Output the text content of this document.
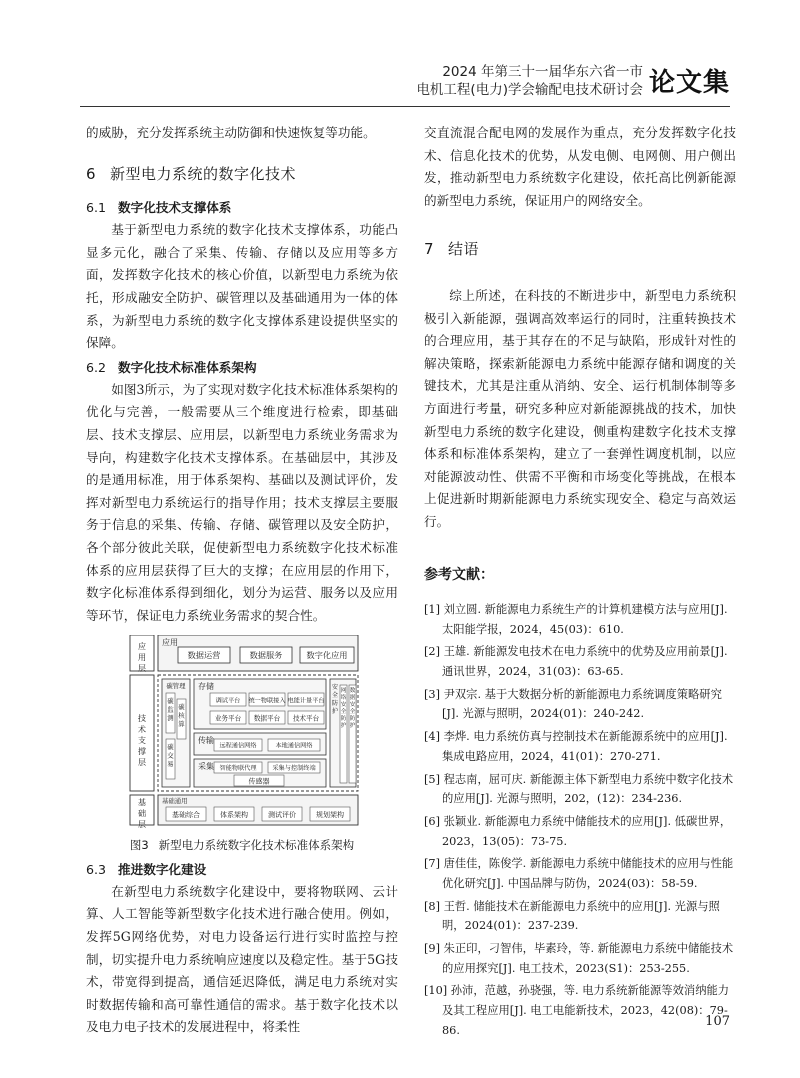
2024 年第三十一届华东六省一市
电机工程(电力)学会输配电技术研讨会 论文集

的威胁，充分发挥系统主动防御和快速恢复等功能。

6 新型电力系统的数字化技术
6.1 数字化技术支撑体系

基于新型电力系统的数字化技术支撑体系，功能凸显多元化，融合了采集、传输、存储以及应用等多方面，发挥数字化技术的核心价值，以新型电力系统为依托，形成融安全防护、碳管理以及基础通用为一体的体系，为新型电力系统的数字化支撑体系建设提供坚实的保障。

6.2 数字化技术标准体系架构

如图3所示，为了实现对数字化技术标准体系架构的优化与完善，一般需要从三个维度进行检索，即基础层、技术支撑层、应用层，以新型电力系统业务需求为导向，构建数字化技术支撑体系。在基础层中，其涉及的是通用标准，用于体系架构、基础以及测试评价，发挥对新型电力系统运行的指导作用；技术支撑层主要服务于信息的采集、传输、存储、碳管理以及安全防护，各个部分彼此关联，促使新型电力系统数字化技术标准体系的应用层获得了巨大的支撑；在应用层的作用下，数字化标准体系得到细化，划分为运营、服务以及应用等环节，保证电力系统业务需求的契合性。

应用层
技术支撑层
基础层
应用
数据运营	数据服务	数字化应用
碳管理
碳监测
碳核算
碳交易
存储
调试平台 统一物联接入 电能计量平台
业务平台 数据平台 技术平台
传输
远程通信网络	本地通信网络
采集 智能物联代理	采集与控制终端
传感器
安全防护
网络安全防护
数据安全防护
基础通用
基础综合	体系架构	测试评价	规划架构
图3 新型电力系统数字化技术标准体系架构
6.3 推进数字化建设

在新型电力系统数字化建设中，要将物联网、云计算、人工智能等新型数字化技术进行融合使用。例如，发挥5G网络优势，对电力设备运行进行实时监控与控制，切实提升电力系统响应速度以及稳定性。基于5G技术，带宽得到提高，通信延迟降低，满足电力系统对实时数据传输和高可靠性通信的需求。基于数字化技术以及电力电子技术的发展进程中，将柔性

交直流混合配电网的发展作为重点，充分发挥数字化技术、信息化技术的优势，从发电侧、电网侧、用户侧出发，推动新型电力系统数字化建设，依托高比例新能源的新型电力系统，保证用户的网络安全。

7 结语

综上所述，在科技的不断进步中，新型电力系统积极引入新能源，强调高效率运行的同时，注重转换技术的合理应用，基于其存在的不足与缺陷，形成针对性的解决策略，探索新能源电力系统中能源存储和调度的关键技术，尤其是注重从消纳、安全、运行机制体制等多方面进行考量，研究多种应对新能源挑战的技术，加快新型电力系统的数字化建设，侧重构建数字化技术支撑体系和标准体系架构，建立了一套弹性调度机制，以应对能源波动性、供需不平衡和市场变化等挑战，在根本上促进新时期新能源电力系统实现安全、稳定与高效运行。

参考文献：
[1] 刘立圆. 新能源电力系统生产的计算机建模方法与应用[J]. 太阳能学报，2024，45(03)：610.
[2] 王雄. 新能源发电技术在电力系统中的优势及应用前景[J]. 通讯世界，2024，31(03)：63-65.
[3] 尹双宗. 基于大数据分析的新能源电力系统调度策略研究[J]. 光源与照明，2024(01)：240-242.
[4] 李烨. 电力系统仿真与控制技术在新能源系统中的应用[J]. 集成电路应用，2024，41(01)：270-271.
[5] 程志南，屈可庆. 新能源主体下新型电力系统中数字化技术的应用[J]. 光源与照明，202，(12)：234-236.
[6] 张颖业. 新能源电力系统中储能技术的应用[J]. 低碳世界，2023，13(05)：73-75.
[7] 唐佳佳，陈俊学. 新能源电力系统中储能技术的应用与性能优化研究[J]. 中国品牌与防伪，2024(03)：58-59.
[8] 王哲. 储能技术在新能源电力系统中的应用[J]. 光源与照明，2024(01)：237-239.
[9] 朱正印，刁智伟，毕素玲，等. 新能源电力系统中储能技术的应用探究[J]. 电工技术，2023(S1)：253-255.
[10] 孙沛，范越，孙骁强，等. 电力系统新能源等效消纳能力及其工程应用[J]. 电工电能新技术，2023，42(08)：79-86.
107
